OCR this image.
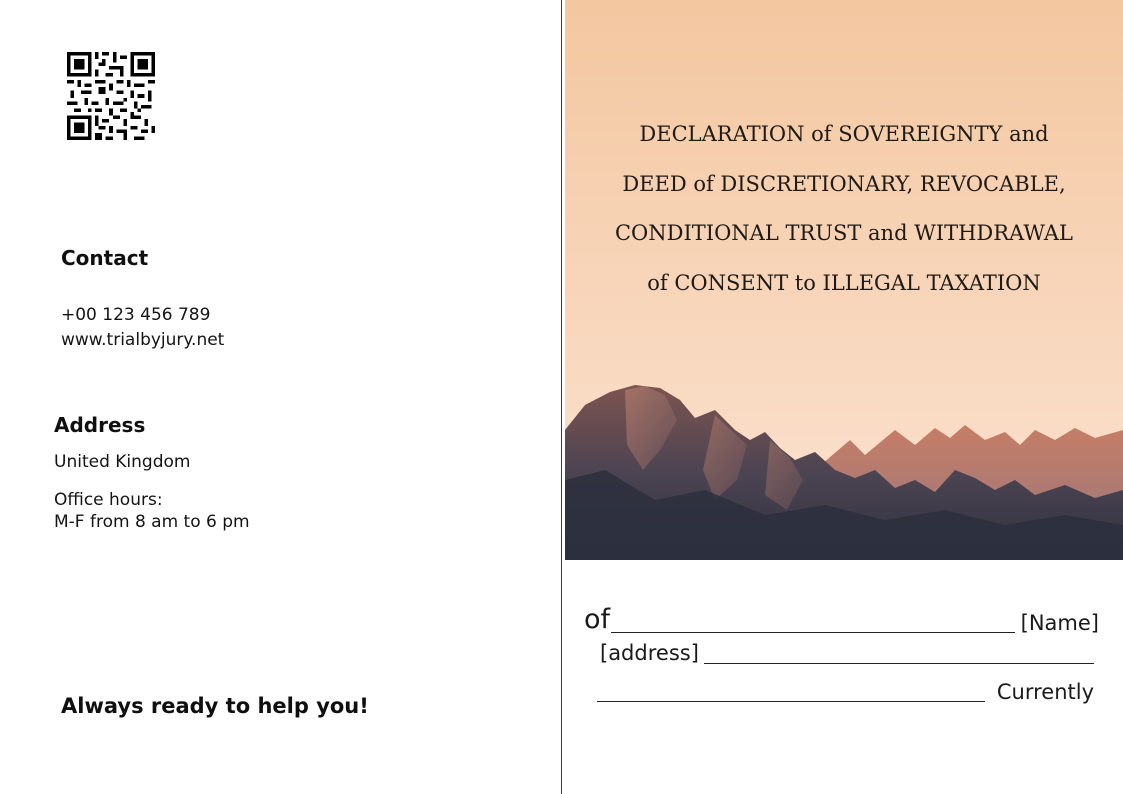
Contact
+00 123 456 789
www.trialbyjury.net
Address
United Kingdom
Office hours:
M-F from 8 am to 6 pm
Always ready to help you!
DECLARATION of SOVEREIGNTY and
DEED of DISCRETIONARY, REVOCABLE,
CONDITIONAL TRUST and WITHDRAWAL
of CONSENT to ILLEGAL TAXATION
of	[Name]
[address]
Currently
